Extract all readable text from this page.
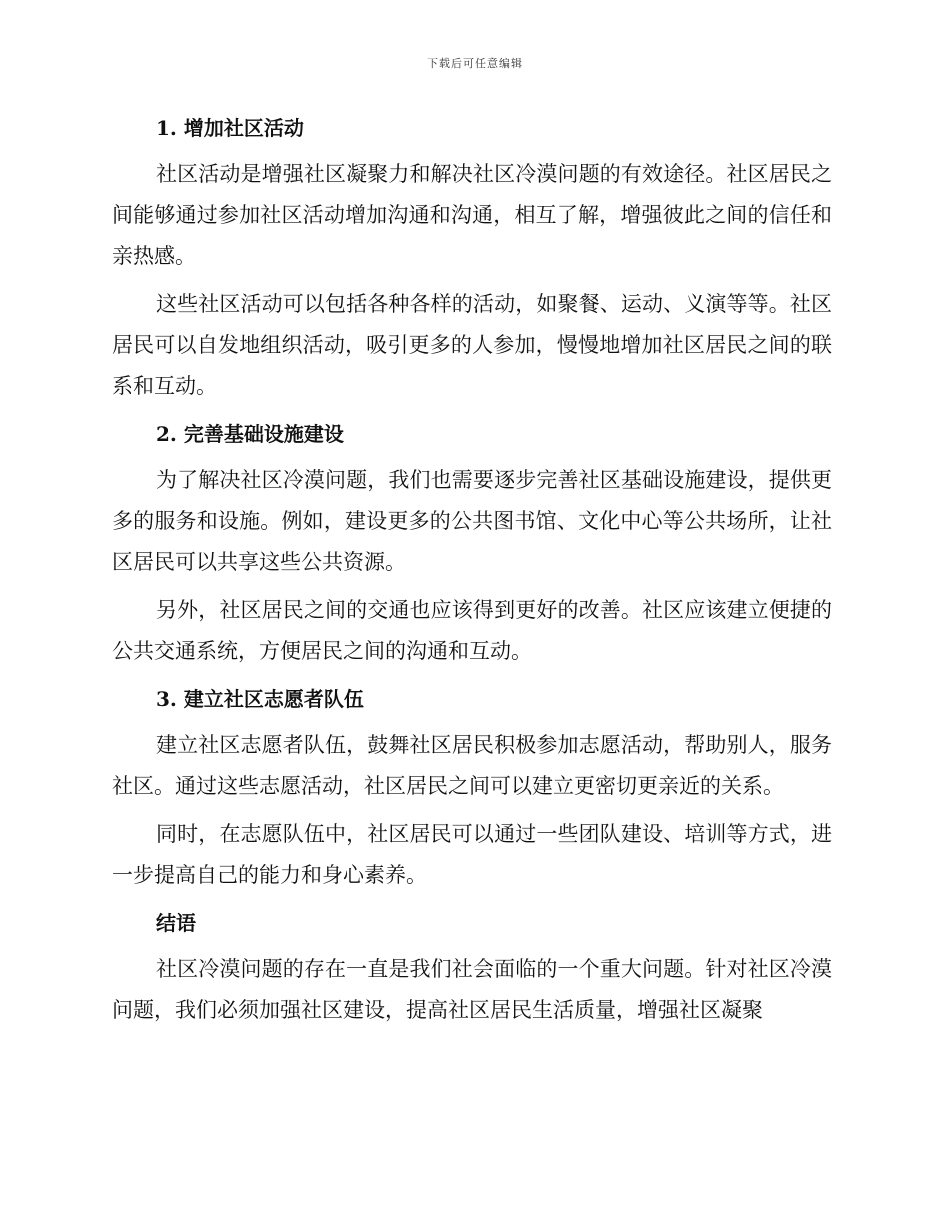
下载后可任意编辑
1. 增加社区活动

社区活动是增强社区凝聚力和解决社区冷漠问题的有效途径。社区居民之间能够通过参加社区活动增加沟通和沟通，相互了解，增强彼此之间的信任和亲热感。

这些社区活动可以包括各种各样的活动，如聚餐、运动、义演等等。社区居民可以自发地组织活动，吸引更多的人参加，慢慢地增加社区居民之间的联系和互动。

2. 完善基础设施建设

为了解决社区冷漠问题，我们也需要逐步完善社区基础设施建设，提供更多的服务和设施。例如，建设更多的公共图书馆、文化中心等公共场所，让社区居民可以共享这些公共资源。

另外，社区居民之间的交通也应该得到更好的改善。社区应该建立便捷的公共交通系统，方便居民之间的沟通和互动。

3. 建立社区志愿者队伍

建立社区志愿者队伍，鼓舞社区居民积极参加志愿活动，帮助别人，服务社区。通过这些志愿活动，社区居民之间可以建立更密切更亲近的关系。

同时，在志愿队伍中，社区居民可以通过一些团队建设、培训等方式，进一步提高自己的能力和身心素养。

结语

社区冷漠问题的存在一直是我们社会面临的一个重大问题。针对社区冷漠问题，我们必须加强社区建设，提高社区居民生活质量，增强社区凝聚
